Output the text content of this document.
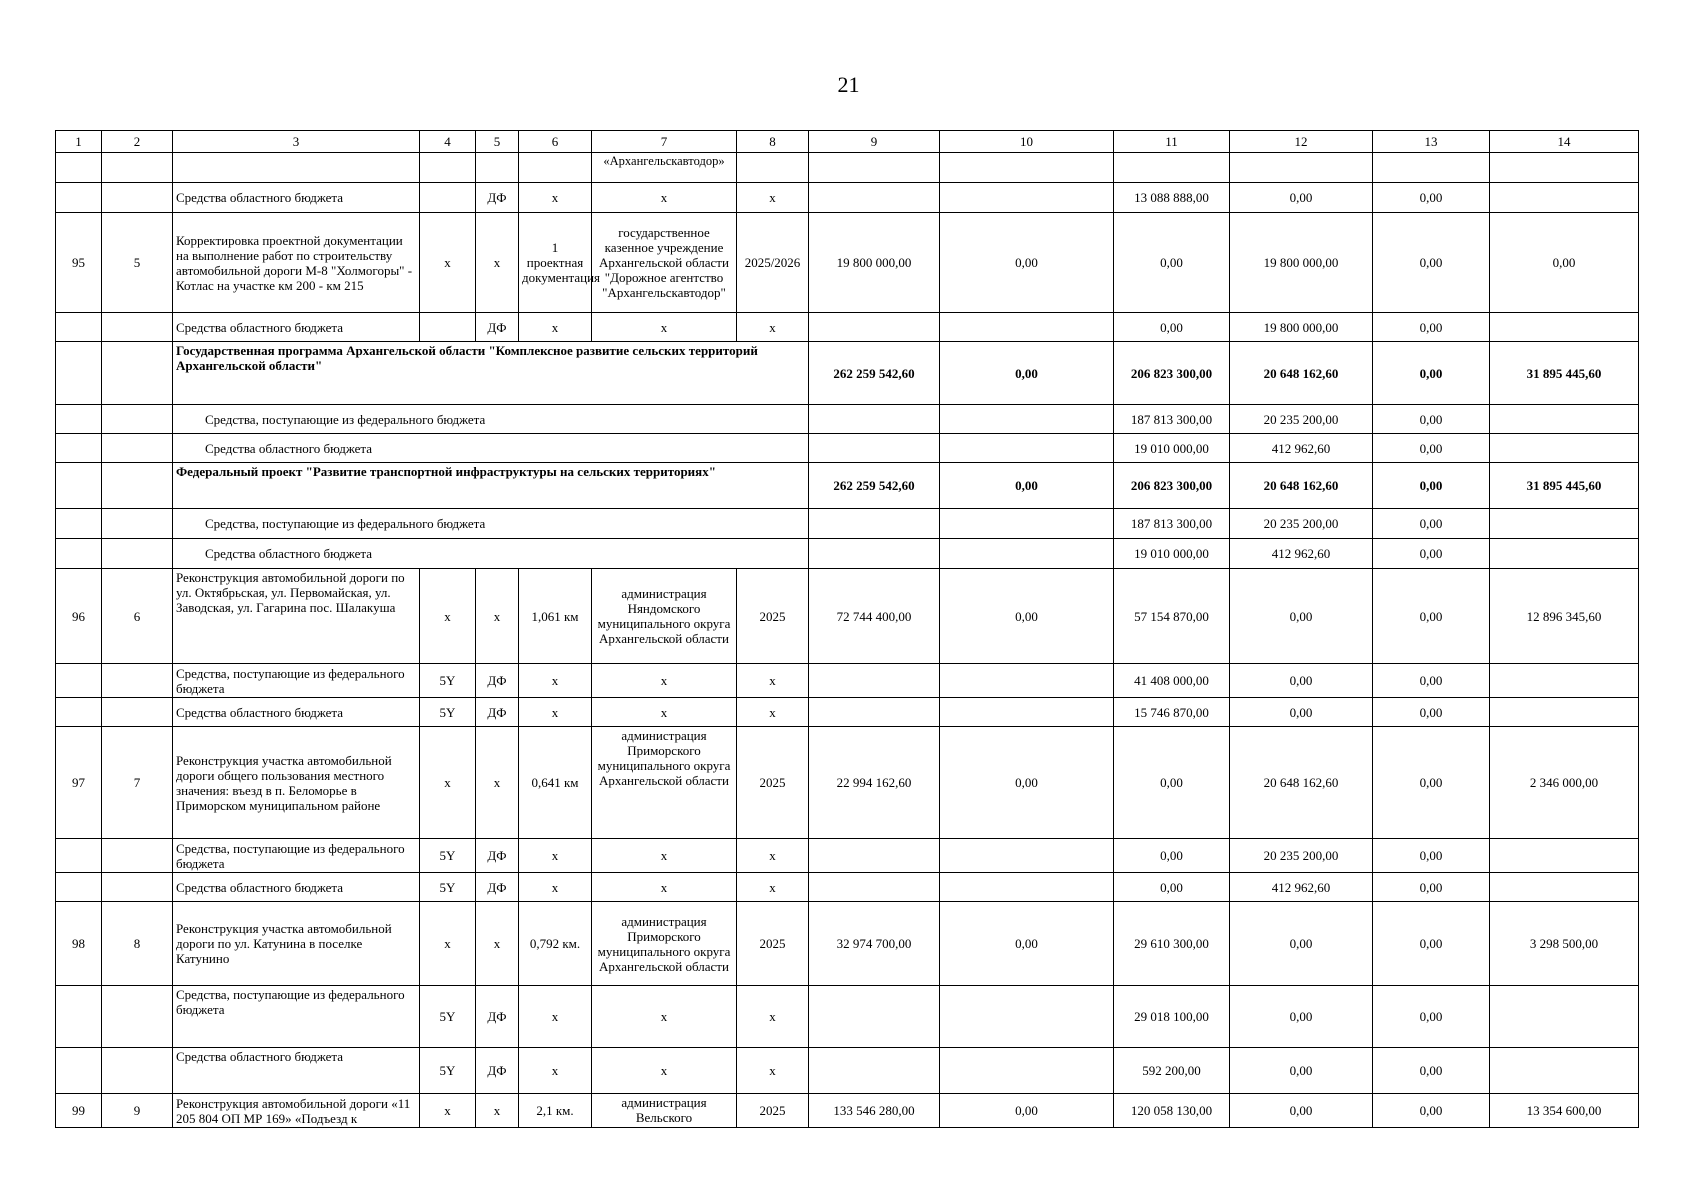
21
1	2	3	4	5	6	7	8	9	10	11	12	13	14
						«Архангельскавтодор»							
		Средства областного бюджета		ДФ	х	х	х			13 088 888,00	0,00	0,00	
95	5	Корректировка проектной документации на выполнение работ по строительству автомобильной дороги М-8 "Холмогоры" - Котлас на участке км 200 - км 215	х	х	1 проектная документация	государственное казенное учреждение Архангельской области "Дорожное агентство "Архангельскавтодор"	2025/2026	19 800 000,00	0,00	0,00	19 800 000,00	0,00	0,00
		Средства областного бюджета		ДФ	х	х	х			0,00	19 800 000,00	0,00	
		Государственная программа Архангельской области "Комплексное развитие сельских территорий Архангельской области"						262 259 542,60	0,00	206 823 300,00	20 648 162,60	0,00	31 895 445,60
		Средства, поступающие из федерального бюджета								187 813 300,00	20 235 200,00	0,00	
		Средства областного бюджета								19 010 000,00	412 962,60	0,00	
		Федеральный проект "Развитие транспортной инфраструктуры на сельских территориях"						262 259 542,60	0,00	206 823 300,00	20 648 162,60	0,00	31 895 445,60
		Средства, поступающие из федерального бюджета								187 813 300,00	20 235 200,00	0,00	
		Средства областного бюджета								19 010 000,00	412 962,60	0,00	
96	6	Реконструкция автомобильной дороги по ул. Октябрьская, ул. Первомайская, ул. Заводская, ул. Гагарина пос. Шалакуша	х	х	1,061 км	администрация Няндомского муниципального округа Архангельской области	2025	72 744 400,00	0,00	57 154 870,00	0,00	0,00	12 896 345,60
		Средства, поступающие из федерального бюджета	5Y	ДФ	х	х	х			41 408 000,00	0,00	0,00	
		Средства областного бюджета	5Y	ДФ	х	х	х			15 746 870,00	0,00	0,00	
97	7	Реконструкция участка автомобильной дороги общего пользования местного значения: въезд в п. Беломорье в Приморском муниципальном районе	х	х	0,641 км	администрация Приморского муниципального округа Архангельской области	2025	22 994 162,60	0,00	0,00	20 648 162,60	0,00	2 346 000,00
		Средства, поступающие из федерального бюджета	5Y	ДФ	х	х	х			0,00	20 235 200,00	0,00	
		Средства областного бюджета	5Y	ДФ	х	х	х			0,00	412 962,60	0,00	
98	8	Реконструкция участка автомобильной дороги по ул. Катунина в поселке Катунино	х	х	0,792 км.	администрация Приморского муниципального округа Архангельской области	2025	32 974 700,00	0,00	29 610 300,00	0,00	0,00	3 298 500,00
		Средства, поступающие из федерального бюджета	5Y	ДФ	х	х	х			29 018 100,00	0,00	0,00	
		Средства областного бюджета	5Y	ДФ	х	х	х			592 200,00	0,00	0,00	
99	9	Реконструкция автомобильной дороги «11 205 804 ОП МР 169» «Подъезд к	х	х	2,1 км.	администрация Вельского	2025	133 546 280,00	0,00	120 058 130,00	0,00	0,00	13 354 600,00
